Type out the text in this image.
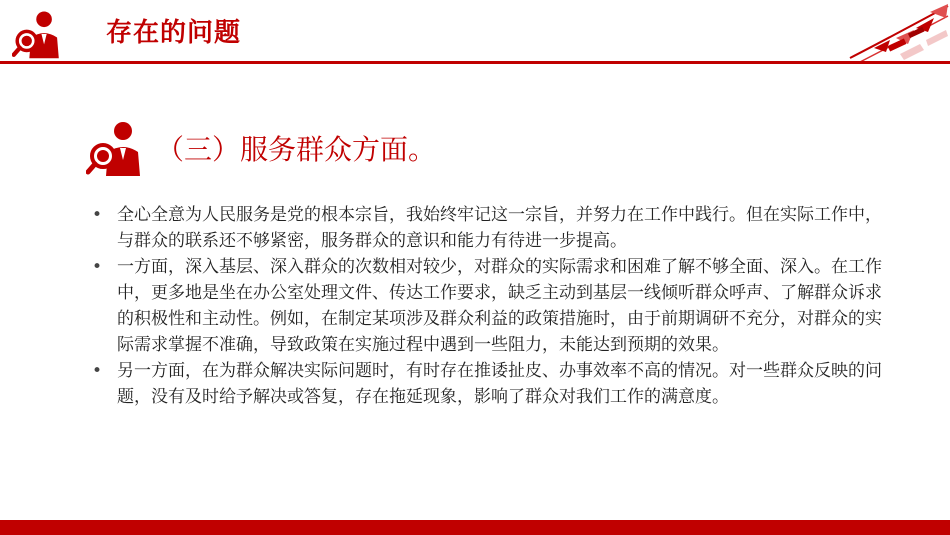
存在的问题
（三）服务群众方面。
• 全心全意为人民服务是党的根本宗旨，我始终牢记这一宗旨，并努力在工作中践行。但在实际工作中，与群众的联系还不够紧密，服务群众的意识和能力有待进一步提高。
• 一方面，深入基层、深入群众的次数相对较少，对群众的实际需求和困难了解不够全面、深入。在工作中，更多地是坐在办公室处理文件、传达工作要求，缺乏主动到基层一线倾听群众呼声、了解群众诉求的积极性和主动性。例如，在制定某项涉及群众利益的政策措施时，由于前期调研不充分，对群众的实际需求掌握不准确，导致政策在实施过程中遇到一些阻力，未能达到预期的效果。
• 另一方面，在为群众解决实际问题时，有时存在推诿扯皮、办事效率不高的情况。对一些群众反映的问题，没有及时给予解决或答复，存在拖延现象，影响了群众对我们工作的满意度。
